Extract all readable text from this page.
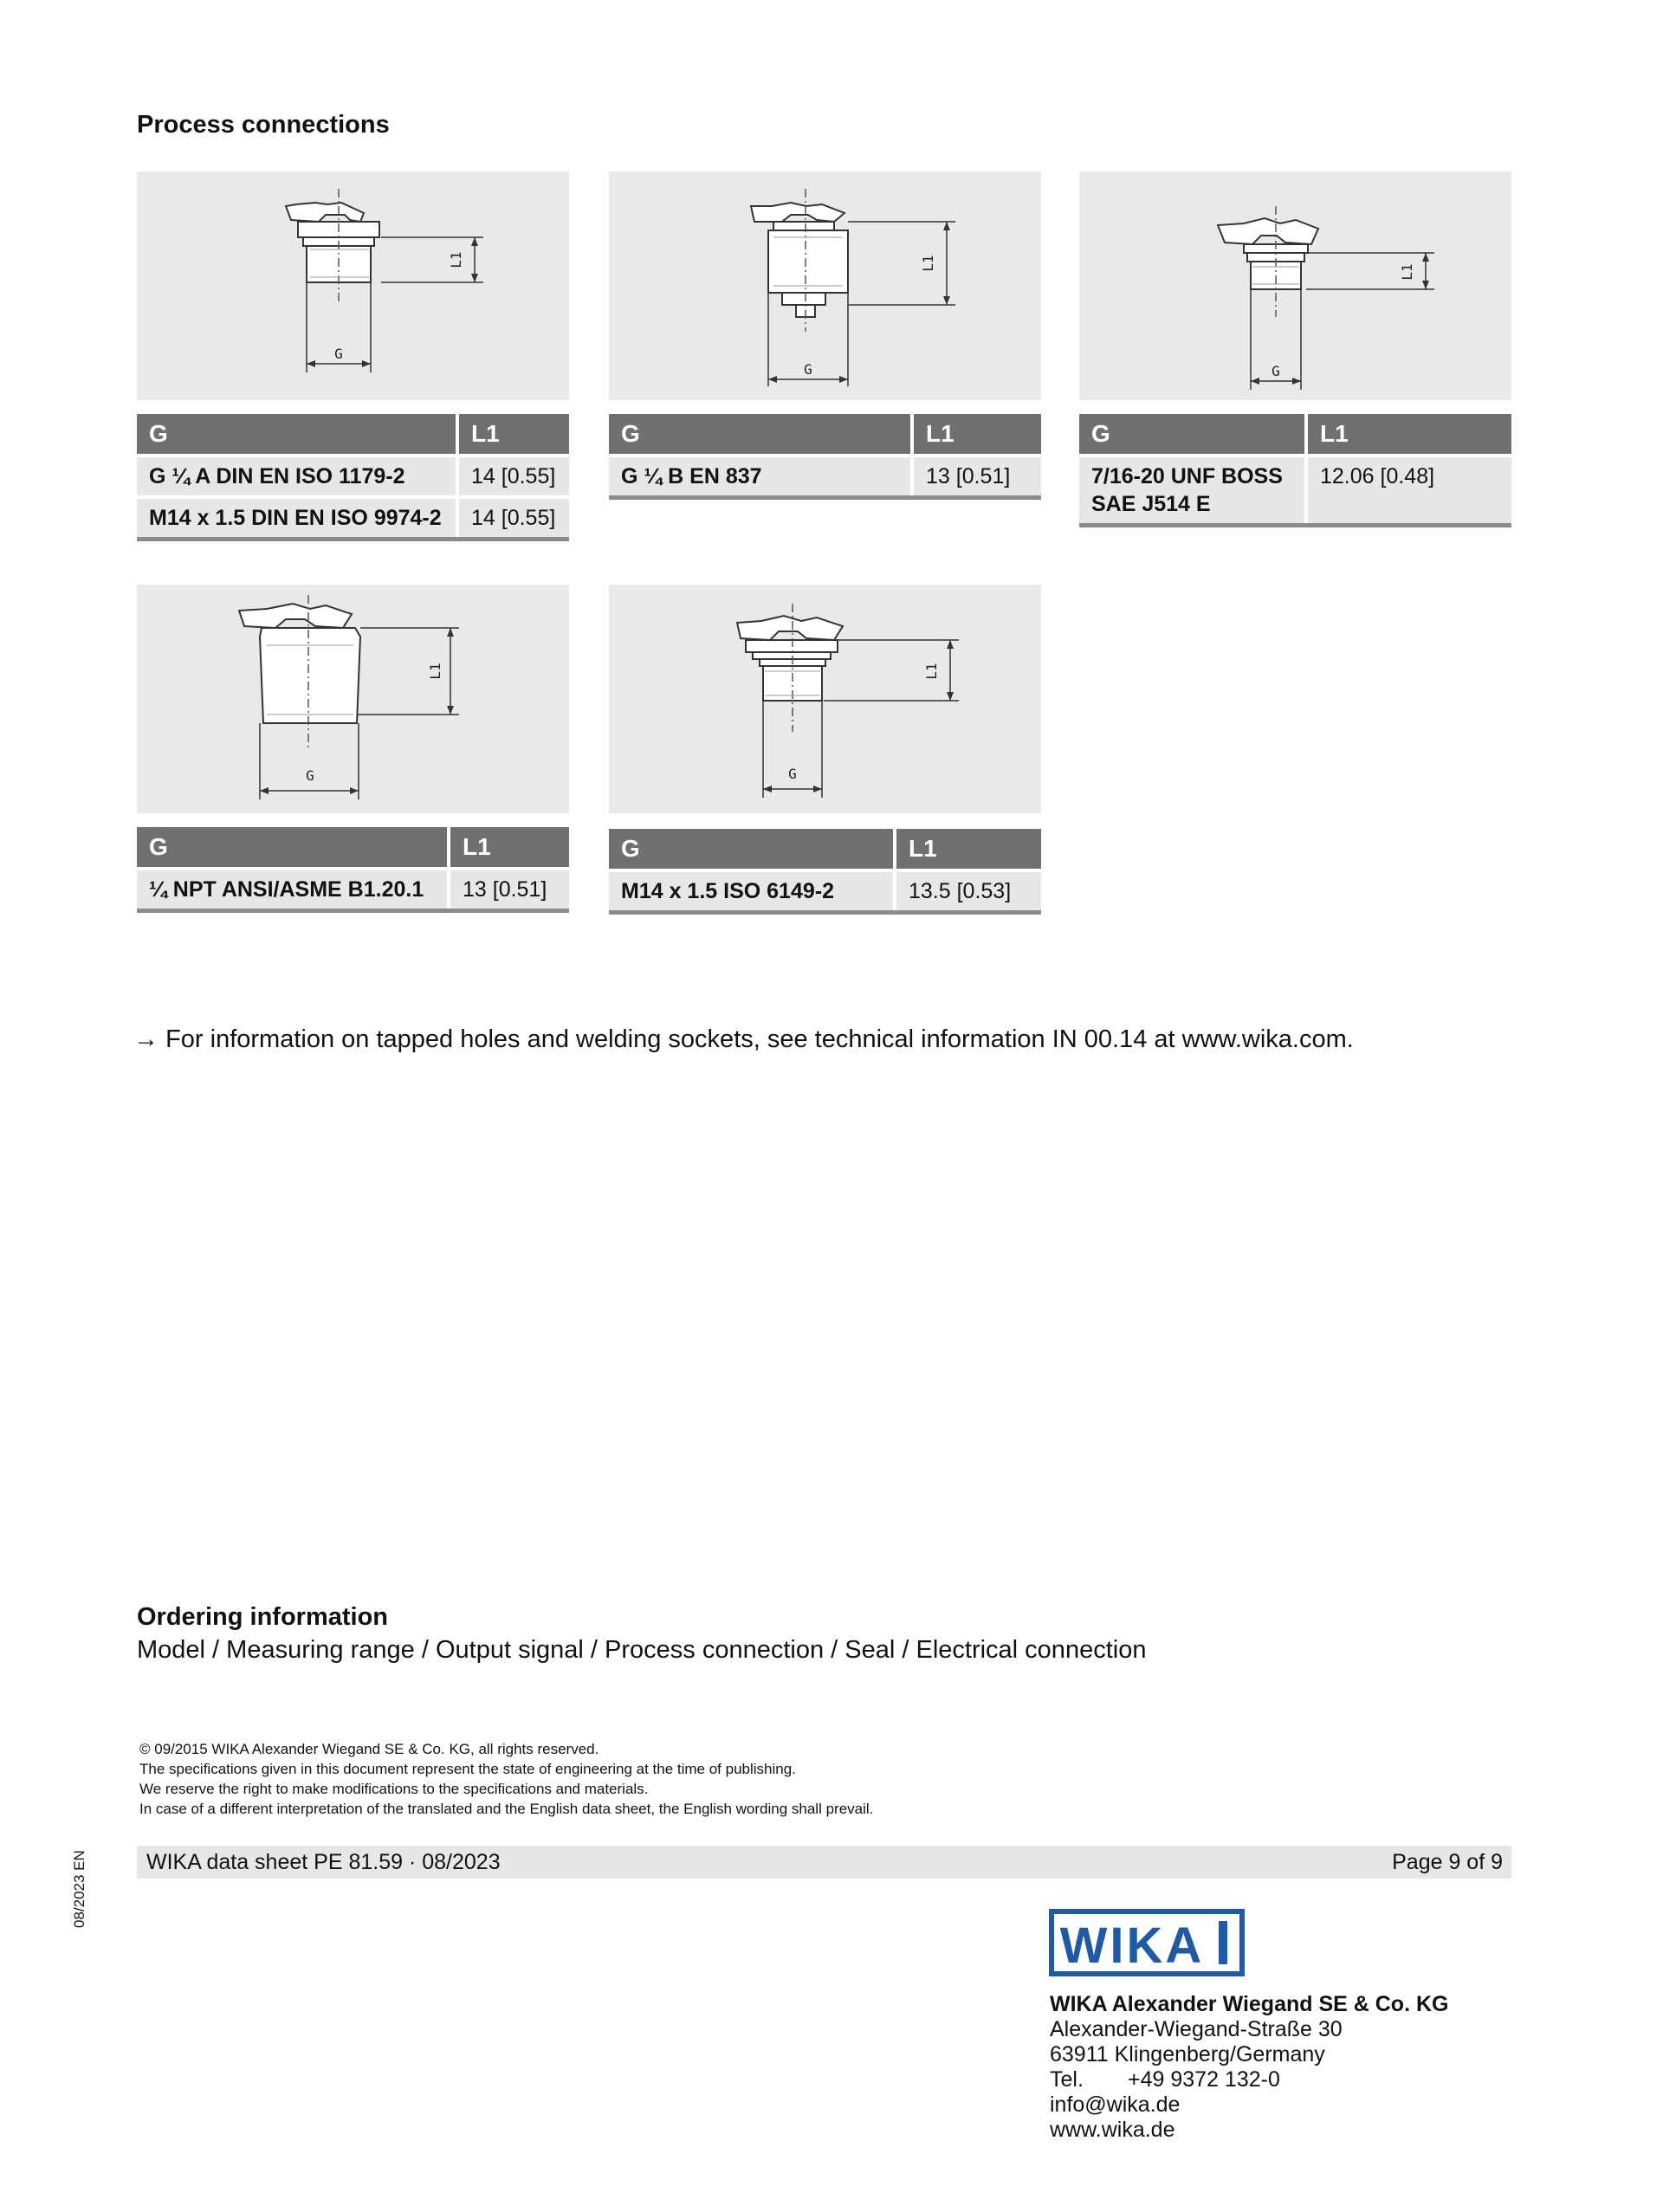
Process connections
L1
G
L1
G
L1
G
L1
G
L1
G
G	L1
G ¼ A DIN EN ISO 1179-2	14 [0.55]
M14 x 1.5 DIN EN ISO 9974-2	14 [0.55]
G	L1
G ¼ B EN 837	13 [0.51]
G	L1
7/16-20 UNF BOSS
SAE J514 E	12.06 [0.48]
G	L1
¼ NPT ANSI/ASME B1.20.1	13 [0.51]
G	L1
M14 x 1.5 ISO 6149-2	13.5 [0.53]
→ For information on tapped holes and welding sockets, see technical information IN 00.14 at www.wika.com.
Ordering information
Model / Measuring range / Output signal / Process connection / Seal / Electrical connection
© 09/2015 WIKA Alexander Wiegand SE & Co. KG, all rights reserved.
The specifications given in this document represent the state of engineering at the time of publishing.
We reserve the right to make modifications to the specifications and materials.
In case of a different interpretation of the translated and the English data sheet, the English wording shall prevail.
WIKA data sheet PE 81.59 · 08/2023	Page 9 of 9
08/2023 EN
WIKA
WIKA Alexander Wiegand SE & Co. KG
Alexander-Wiegand-Straße 30
63911 Klingenberg/Germany
Tel. +49 9372 132-0
info@wika.de
www.wika.de
